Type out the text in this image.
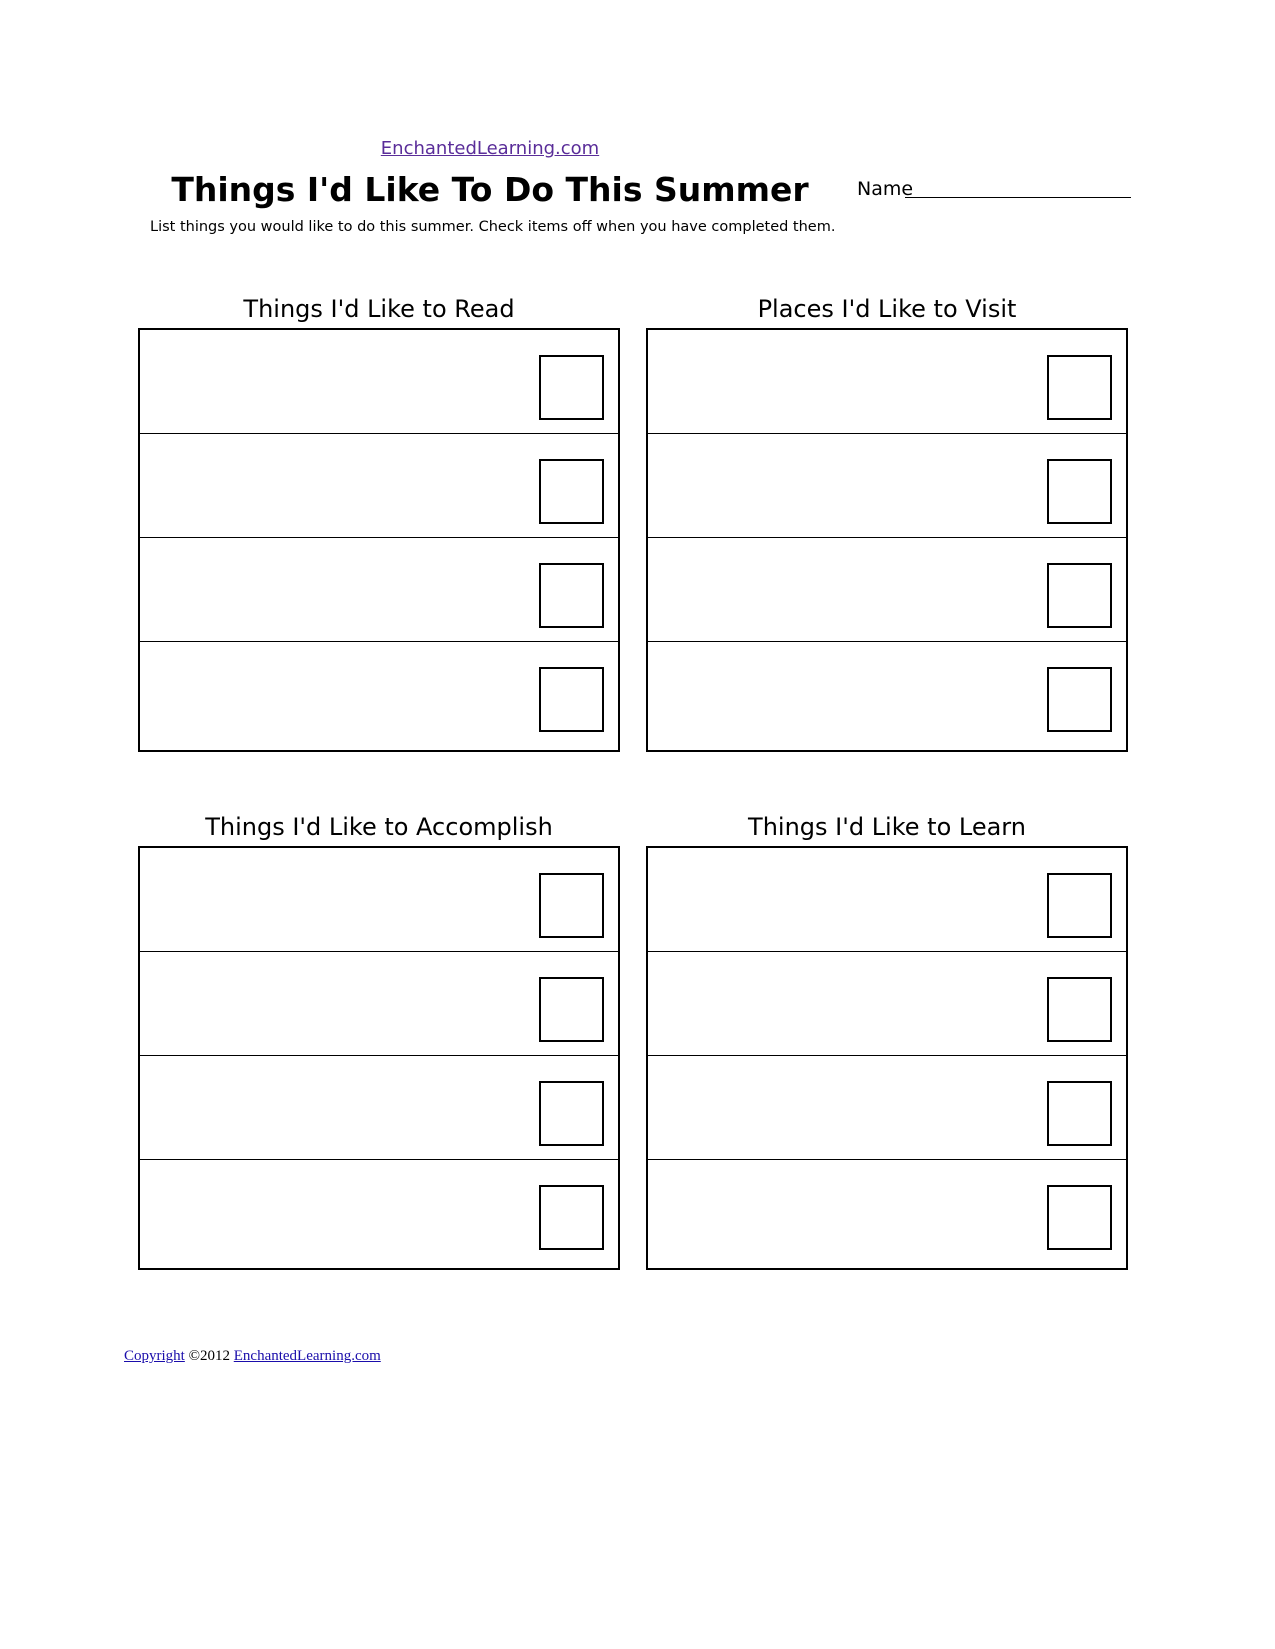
EnchantedLearning.com
Things I'd Like To Do This Summer	Name
List things you would like to do this summer. Check items off when you have completed them.
Things I'd Like to Read	Places I'd Like to Visit
Things I'd Like to Accomplish	Things I'd Like to Learn
Copyright ©2012 EnchantedLearning.com
